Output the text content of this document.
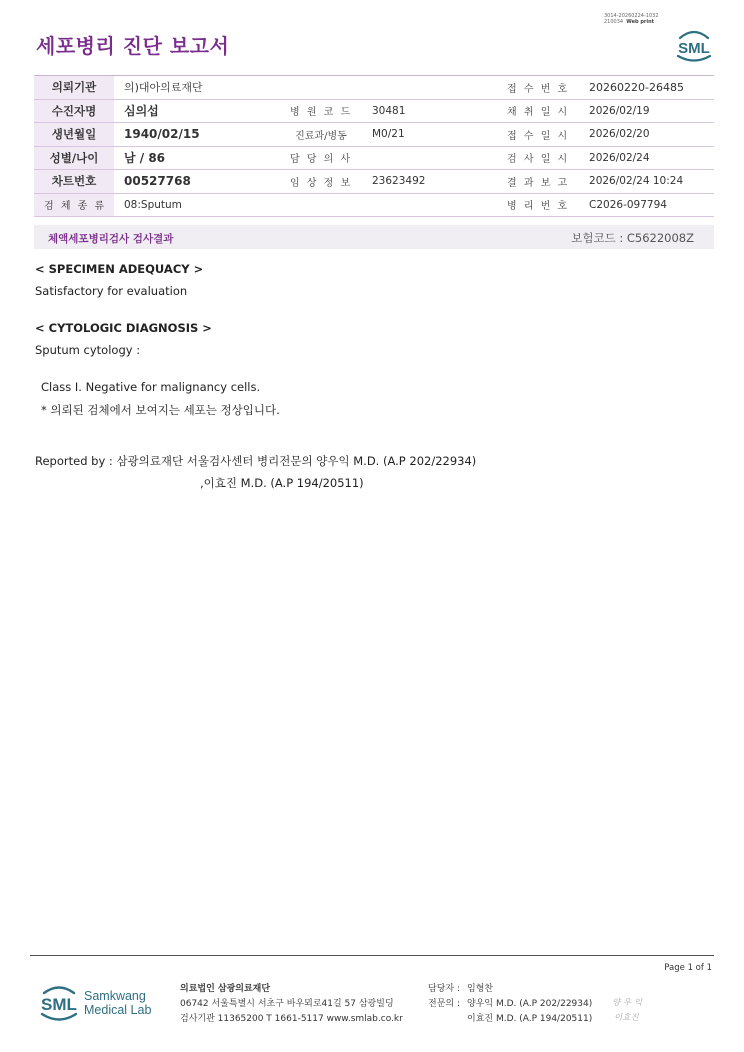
3014-20260224-1032
210034 Web print
세포병리 진단 보고서	SML
의뢰기관	의)대아의료재단			접 수 번 호	20260220-26485
수진자명	심의섭	병 원 코 드	30481	채 취 일 시	2026/02/19
생년월일	1940/02/15	진료과/병동	M0/21	접 수 일 시	2026/02/20
성별/나이	남 / 86	담 당 의 사		검 사 일 시	2026/02/24
차트번호	00527768	임 상 정 보	23623492	결 과 보 고	2026/02/24 10:24
검 체 종 류	08:Sputum			병 리 번 호	C2026-097794
체액세포병리검사 검사결과	보험코드 : C5622008Z
< SPECIMEN ADEQUACY >
Satisfactory for evaluation
< CYTOLOGIC DIAGNOSIS >
Sputum cytology :
Class I. Negative for malignancy cells.
* 의뢰된 검체에서 보여지는 세포는 정상입니다.
Reported by : 삼광의료재단 서울검사센터 병리전문의 양우익 M.D. (A.P 202/22934)
,이효진 M.D. (A.P 194/20511)
Page 1 of 1
SML Samkwang
Medical Lab
의료법인 삼광의료재단
06742 서울특별시 서초구 바우뫼로41길 57 삼광빌딩
검사기관 11365200 T 1661-5117 www.smlab.co.kr
담당자 : 임형찬
전문의 : 양우익 M.D. (A.P 202/22934)
이효진 M.D. (A.P 194/20511)
양 우 익
이효진
